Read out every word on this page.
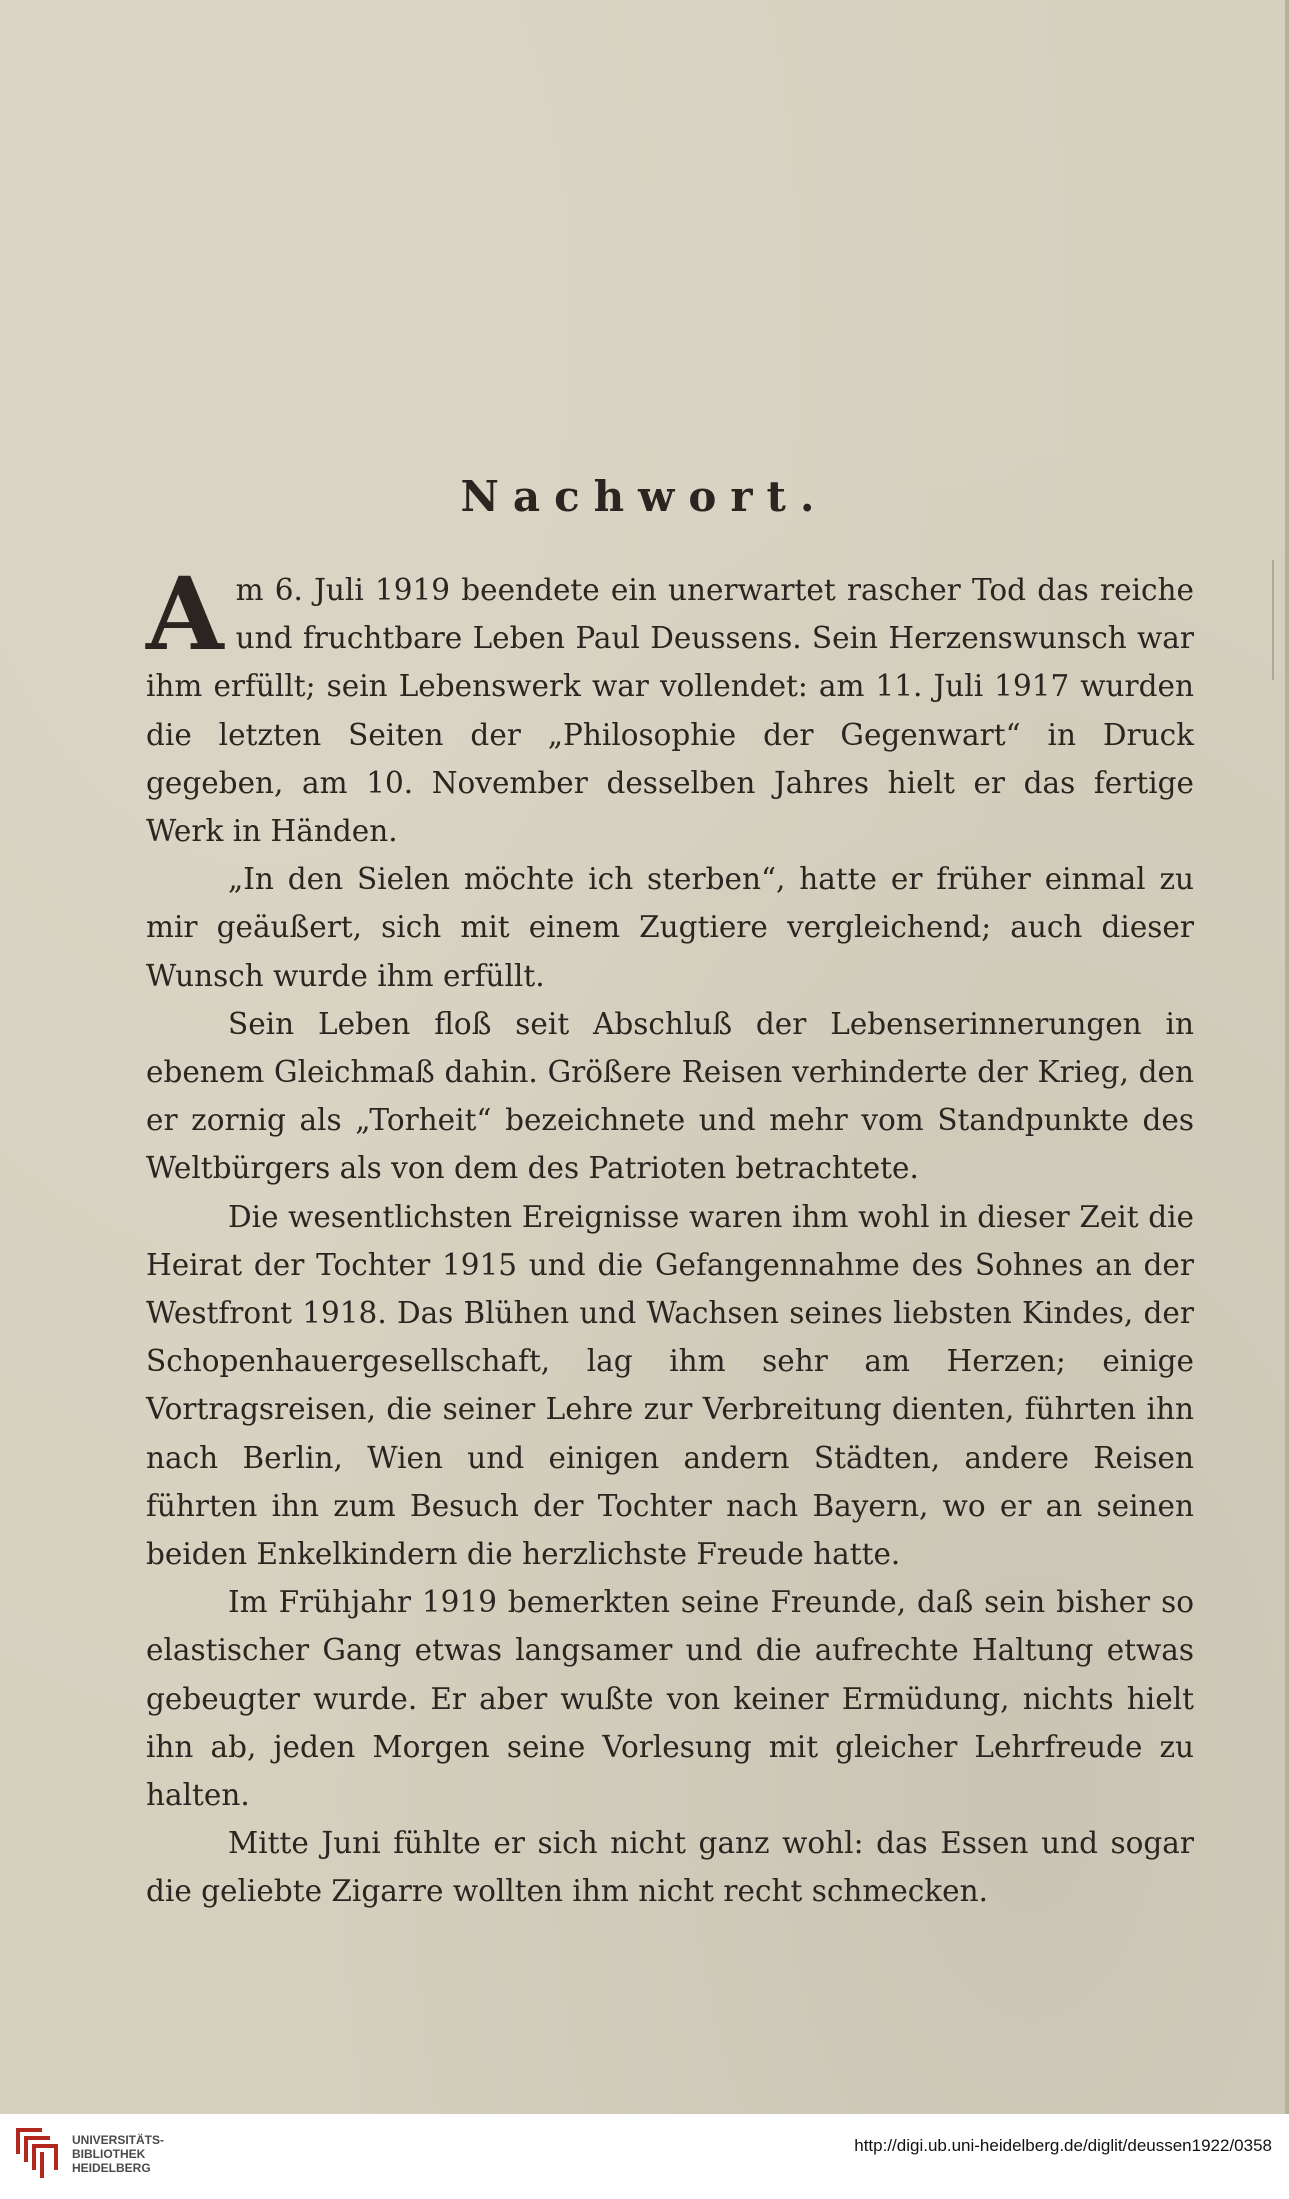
Nachwort.

Am 6. Juli 1919 beendete ein unerwartet rascher Tod das reiche und fruchtbare Leben Paul Deussens. Sein Herzenswunsch war ihm erfüllt; sein Lebenswerk war vollendet: am 11. Juli 1917 wurden die letzten Seiten der „Philosophie der Gegenwart“ in Druck gegeben, am 10. November desselben Jahres hielt er das fertige Werk in Händen.

„In den Sielen möchte ich sterben“, hatte er früher einmal zu mir geäußert, sich mit einem Zugtiere vergleichend; auch dieser Wunsch wurde ihm erfüllt.

Sein Leben floß seit Abschluß der Lebenserinnerungen in ebenem Gleichmaß dahin. Größere Reisen verhinderte der Krieg, den er zornig als „Torheit“ bezeichnete und mehr vom Standpunkte des Weltbürgers als von dem des Patrioten betrachtete.

Die wesentlichsten Ereignisse waren ihm wohl in dieser Zeit die Heirat der Tochter 1915 und die Gefangennahme des Sohnes an der Westfront 1918. Das Blühen und Wachsen seines liebsten Kindes, der Schopenhauergesellschaft, lag ihm sehr am Herzen; einige Vortragsreisen, die seiner Lehre zur Verbreitung dienten, führten ihn nach Berlin, Wien und einigen andern Städten, andere Reisen führten ihn zum Besuch der Tochter nach Bayern, wo er an seinen beiden Enkelkindern die herzlichste Freude hatte.

Im Frühjahr 1919 bemerkten seine Freunde, daß sein bisher so elastischer Gang etwas langsamer und die aufrechte Haltung etwas gebeugter wurde. Er aber wußte von keiner Ermüdung, nichts hielt ihn ab, jeden Morgen seine Vorlesung mit gleicher Lehrfreude zu halten.

Mitte Juni fühlte er sich nicht ganz wohl: das Essen und sogar die geliebte Zigarre wollten ihm nicht recht schmecken.

UNIVERSITÄTS-
BIBLIOTHEK
HEIDELBERG
http://digi.ub.uni-heidelberg.de/diglit/deussen1922/0358
